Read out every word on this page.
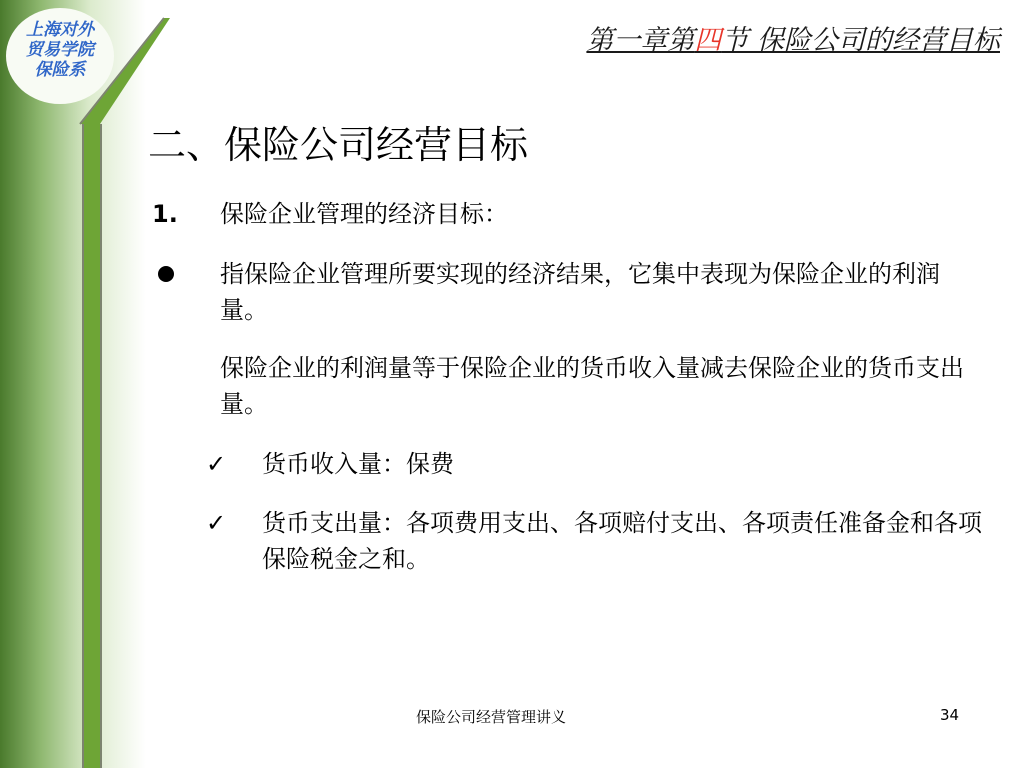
上海对外
贸易学院
保险系
第一章第四节 保险公司的经营目标
二、保险公司经营目标
1. 保险企业管理的经济目标：
指保险企业管理所要实现的经济结果，它集中表现为保险企业的利润量。
保险企业的利润量等于保险企业的货币收入量减去保险企业的货币支出量。
✓ 货币收入量：保费
✓ 货币支出量：各项费用支出、各项赔付支出、各项责任准备金和各项保险税金之和。
保险公司经营管理讲义	34
